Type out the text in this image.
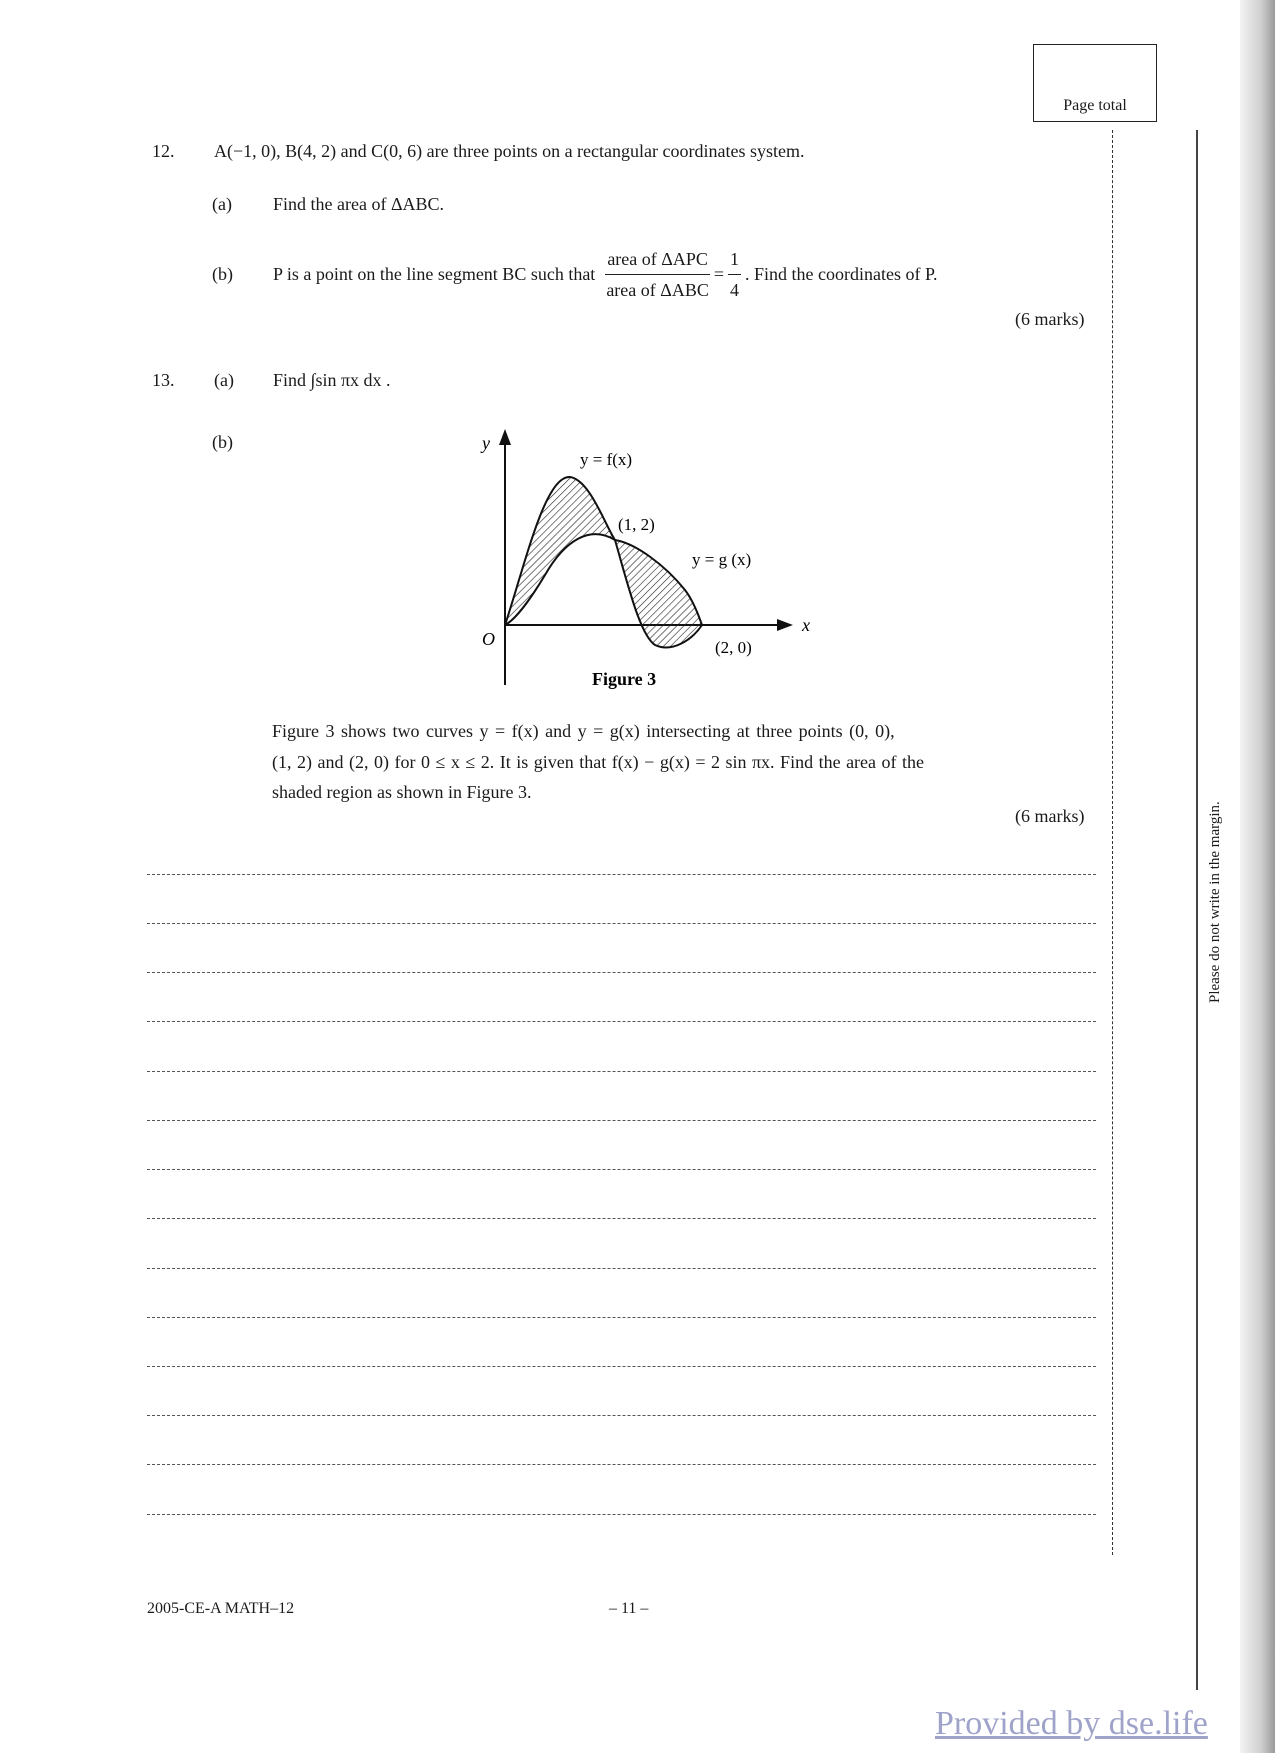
Page total
Please do not write in the margin.
12. A(−1, 0), B(4, 2) and C(0, 6) are three points on a rectangular coordinates system.
(a) Find the area of ΔABC.
(b) P is a point on the line segment BC such that $\frac{\text{area of ΔAPC}}{\text{area of ΔABC}} = \frac{1}{4}$ . Find the coordinates of P.
(6 marks)
13. (a) Find ∫sin πx dx .
(b)	y
x
O
y = f(x)
y = g (x)
(1, 2)
(2, 0)
Figure 3
Figure 3 shows two curves y = f(x) and y = g(x) intersecting at three points (0, 0),
(1, 2) and (2, 0) for 0 ≤ x ≤ 2. It is given that f(x) − g(x) = 2 sin πx. Find the area of the
shaded region as shown in Figure 3.
(6 marks)
2005-CE-A MATH–12	– 11 –
Provided by dse.life
